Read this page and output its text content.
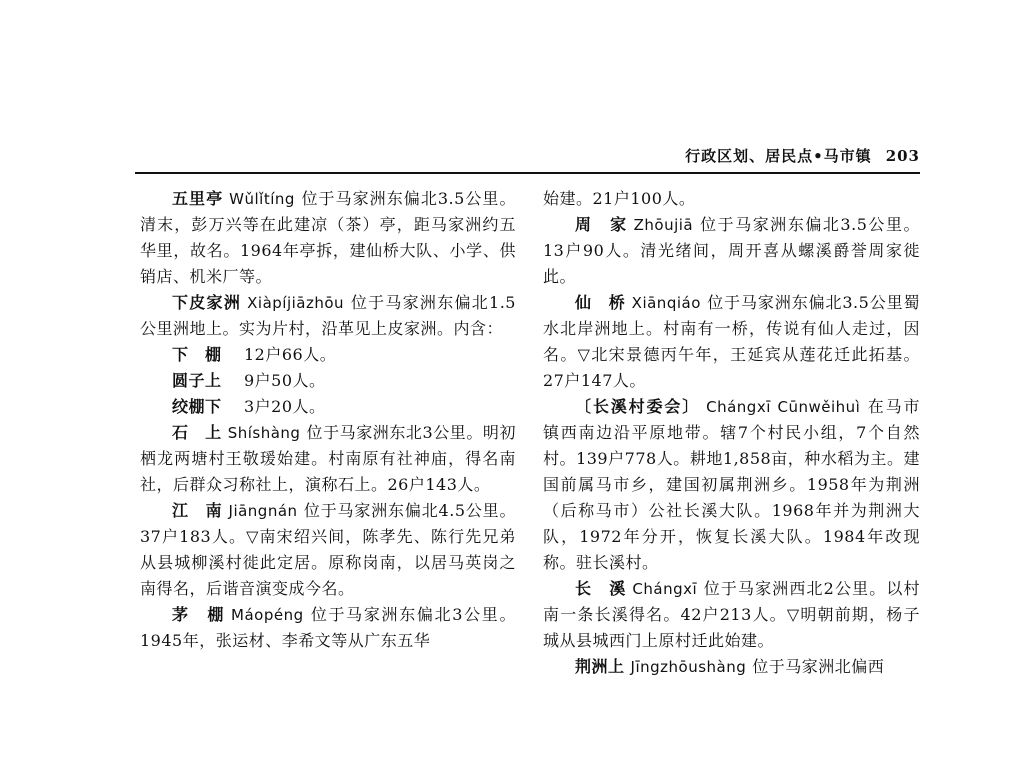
行政区划、居民点•马市镇 203

五里亭 Wǔlǐtíng 位于马家洲东偏北3.5公里。清末，彭万兴等在此建凉（茶）亭，距马家洲约五华里，故名。1964年亭拆，建仙桥大队、小学、供销店、机米厂等。

下皮家洲 Xiàpíjiāzhōu 位于马家洲东偏北1.5公里洲地上。实为片村，沿革见上皮家洲。内含：

下　棚 12户66人。

圆子上 9户50人。

绞棚下 3户20人。

石　上 Shíshàng 位于马家洲东北3公里。明初栖龙两塘村王敬瑗始建。村南原有社神庙，得名南社，后群众习称社上，演称石上。26户143人。

江　南 Jiāngnán 位于马家洲东偏北4.5公里。37户183人。▽南宋绍兴间，陈孝先、陈行先兄弟从县城柳溪村徙此定居。原称岗南，以居马英岗之南得名，后谐音演变成今名。

茅　棚 Máopéng 位于马家洲东偏北3公里。1945年，张运材、李希文等从广东五华

始建。21户100人。

周　家 Zhōujiā 位于马家洲东偏北3.5公里。13户90人。清光绪间，周开喜从螺溪爵誉周家徙此。

仙　桥 Xiānqiáo 位于马家洲东偏北3.5公里蜀水北岸洲地上。村南有一桥，传说有仙人走过，因名。▽北宋景德丙午年，王延宾从莲花迁此拓基。27户147人。

〔长溪村委会〕 Chángxī Cūnwěihuì 在马市镇西南边沿平原地带。辖7个村民小组，7个自然村。139户778人。耕地1,858亩，种水稻为主。建国前属马市乡，建国初属荆洲乡。1958年为荆洲（后称马市）公社长溪大队。1968年并为荆洲大队，1972年分开，恢复长溪大队。1984年改现称。驻长溪村。

长　溪 Chángxī 位于马家洲西北2公里。以村南一条长溪得名。42户213人。▽明朝前期，杨子珹从县城西门上原村迁此始建。

荆洲上 Jīngzhōushàng 位于马家洲北偏西
